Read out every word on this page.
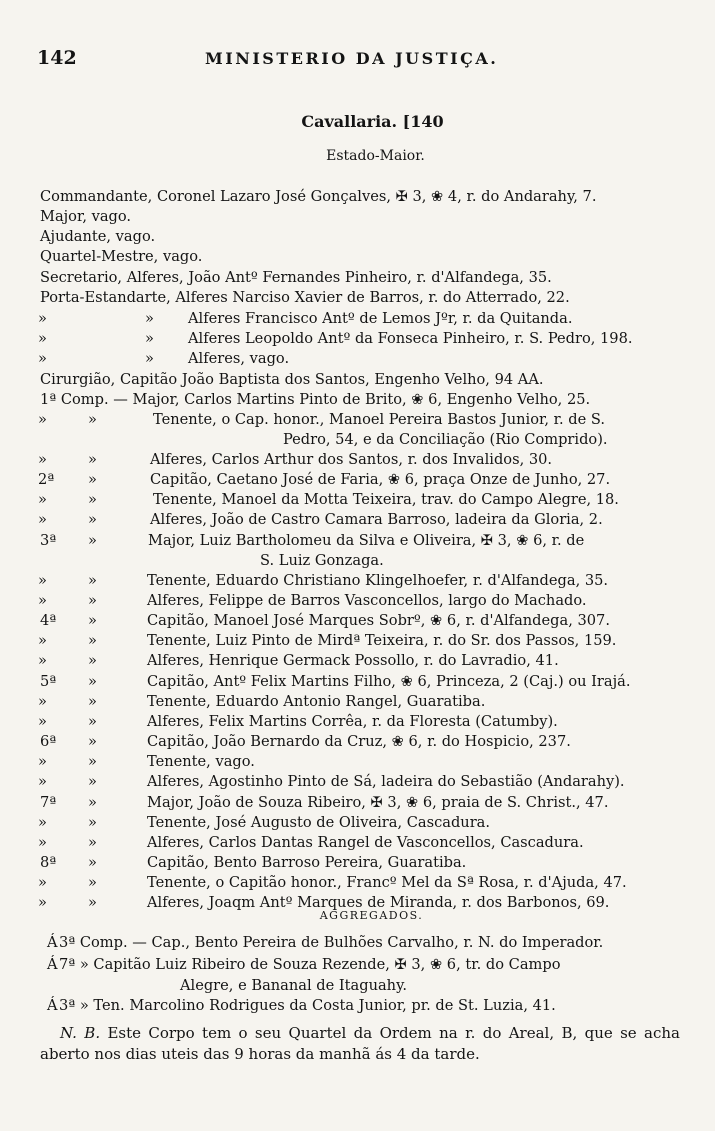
142	MINISTERIO DA JUSTIÇA.
Cavallaria. [140
Estado-Maior.
Commandante, Coronel Lazaro José Gonçalves, ✠ 3, ❀ 4, r. do Andarahy, 7.
Major, vago.
Ajudante, vago.
Quartel-Mestre, vago.
Secretario, Alferes, João Antº Fernandes Pinheiro, r. d'Alfandega, 35.
Porta-Estandarte, Alferes Narciso Xavier de Barros, r. do Atterrado, 22.
»	» Alferes Francisco Antº de Lemos Jºr, r. da Quitanda.
»	» Alferes Leopoldo Antº da Fonseca Pinheiro, r. S. Pedro, 198.
»	» Alferes, vago.
Cirurgião, Capitão João Baptista dos Santos, Engenho Velho, 94 AA.
1ª Comp. — Major, Carlos Martins Pinto de Brito, ❀ 6, Engenho Velho, 25.
»	»	Tenente, o Cap. honor., Manoel Pereira Bastos Junior, r. de S.
Pedro, 54, e da Conciliação (Rio Comprido).
»	»	Alferes, Carlos Arthur dos Santos, r. dos Invalidos, 30.
2ª »	Capitão, Caetano José de Faria, ❀ 6, praça Onze de Junho, 27.
»	»	Tenente, Manoel da Motta Teixeira, trav. do Campo Alegre, 18.
»	»	Alferes, João de Castro Camara Barroso, ladeira da Gloria, 2.
3ª »	Major, Luiz Bartholomeu da Silva e Oliveira, ✠ 3, ❀ 6, r. de
S. Luiz Gonzaga.
»	»	Tenente, Eduardo Christiano Klingelhoefer, r. d'Alfandega, 35.
»	»	Alferes, Felippe de Barros Vasconcellos, largo do Machado.
4ª »	Capitão, Manoel José Marques Sobrº, ❀ 6, r. d'Alfandega, 307.
»	»	Tenente, Luiz Pinto de Mirdª Teixeira, r. do Sr. dos Passos, 159.
»	»	Alferes, Henrique Germack Possollo, r. do Lavradio, 41.
5ª »	Capitão, Antº Felix Martins Filho, ❀ 6, Princeza, 2 (Caj.) ou Irajá.
»	»	Tenente, Eduardo Antonio Rangel, Guaratiba.
»	»	Alferes, Felix Martins Corrêa, r. da Floresta (Catumby).
6ª »	Capitão, João Bernardo da Cruz, ❀ 6, r. do Hospicio, 237.
»	»	Tenente, vago.
»	»	Alferes, Agostinho Pinto de Sá, ladeira do Sebastião (Andarahy).
7ª »	Major, João de Souza Ribeiro, ✠ 3, ❀ 6, praia de S. Christ., 47.
»	»	Tenente, José Augusto de Oliveira, Cascadura.
»	»	Alferes, Carlos Dantas Rangel de Vasconcellos, Cascadura.
8ª »	Capitão, Bento Barroso Pereira, Guaratiba.
»	»	Tenente, o Capitão honor., Francº Mel da Sª Rosa, r. d'Ajuda, 47.
»	»	Alferes, Joaqm Antº Marques de Miranda, r. dos Barbonos, 69.
AGGREGADOS.
Á 3ª Comp. — Cap., Bento Pereira de Bulhões Carvalho, r. N. do Imperador.
Á 7ª » Capitão Luiz Ribeiro de Souza Rezende, ✠ 3, ❀ 6, tr. do Campo
Alegre, e Bananal de Itaguahy.
Á 3ª » Ten. Marcolino Rodrigues da Costa Junior, pr. de St. Luzia, 41.
N. B. Este Corpo tem o seu Quartel da Ordem na r. do Areal, B, que se acha aberto nos dias uteis das 9 horas da manhã ás 4 da tarde.
